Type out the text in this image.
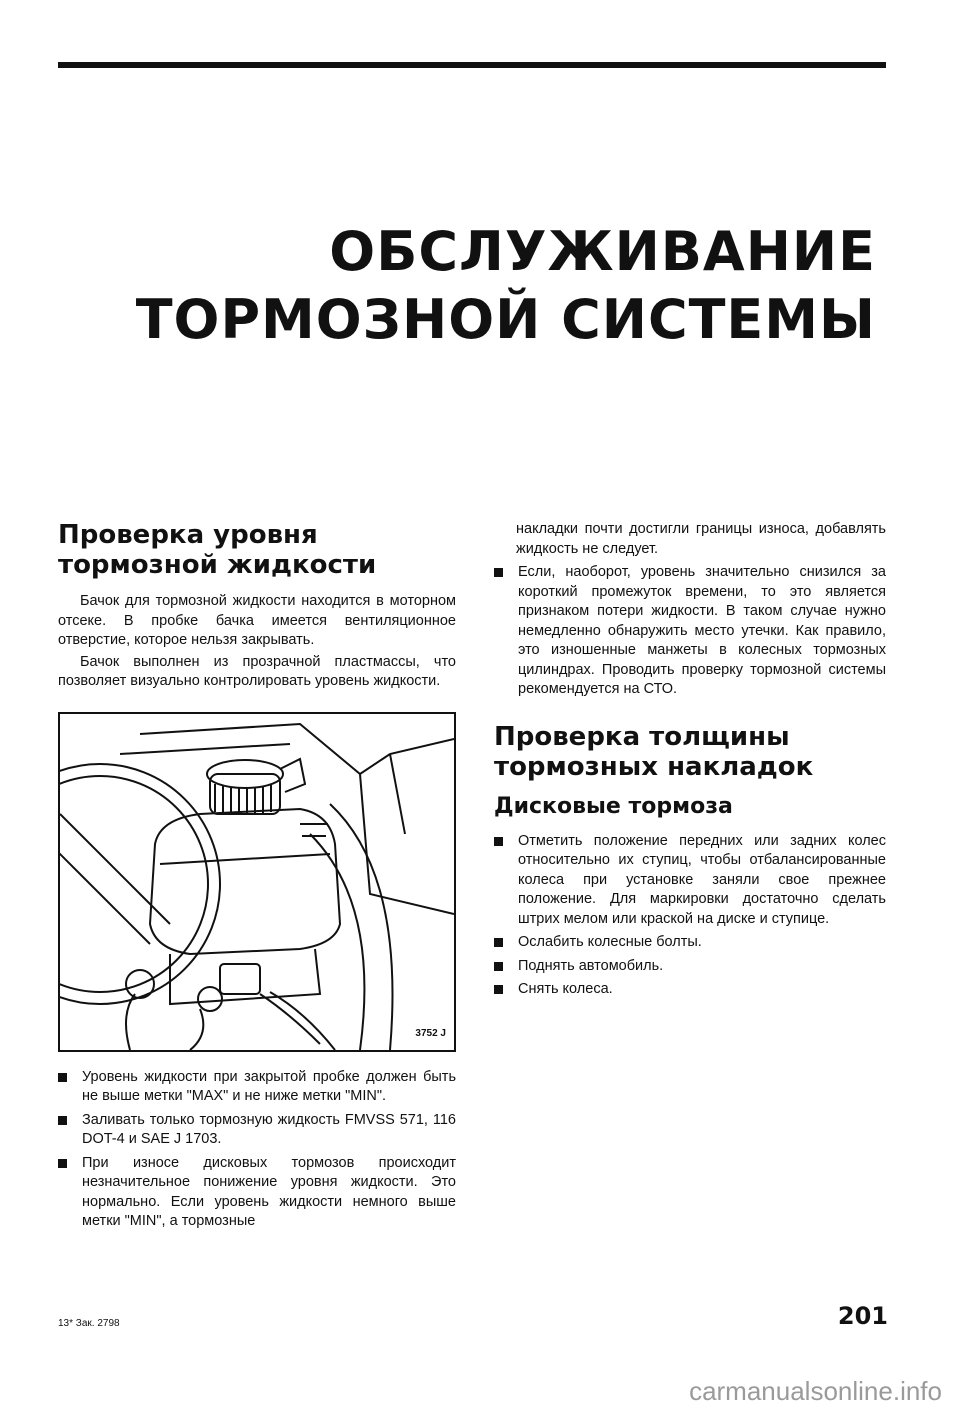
ОБСЛУЖИВАНИЕ
ТОРМОЗНОЙ СИСТЕМЫ
Проверка уровня
тормозной жидкости

Бачок для тормозной жидкости находится в моторном отсеке. В пробке бачка имеется вентиляционное отверстие, которое нельзя закрывать.

Бачок выполнен из прозрачной пластмассы, что позволяет визуально контролировать уровень жидкости.

3752 J
Уровень жидкости при закрытой пробке должен быть не выше метки "MAX" и не ниже метки "MIN".
Заливать только тормозную жидкость FMVSS 571, 116 DOT-4 и SAE J 1703.
При износе дисковых тормозов происходит незначительное понижение уровня жидкости. Это нормально. Если уровень жидкости немного выше метки "MIN", а тормозные

накладки почти достигли границы износа, добавлять жидкость не следует.

Если, наоборот, уровень значительно снизился за короткий промежуток времени, то это является признаком потери жидкости. В таком случае нужно немедленно обнаружить место утечки. Как правило, это изношенные манжеты в колесных тормозных цилиндрах. Проводить проверку тормозной системы рекомендуется на СТО.
Проверка толщины
тормозных накладок
Дисковые тормоза
Отметить положение передних или задних колес относительно их ступиц, чтобы отбалансированные колеса при установке заняли свое прежнее положение. Для маркировки достаточно сделать штрих мелом или краской на диске и ступице.
Ослабить колесные болты.
Поднять автомобиль.
Снять колеса.
13* Зак. 2798	201
carmanualsonline.info
